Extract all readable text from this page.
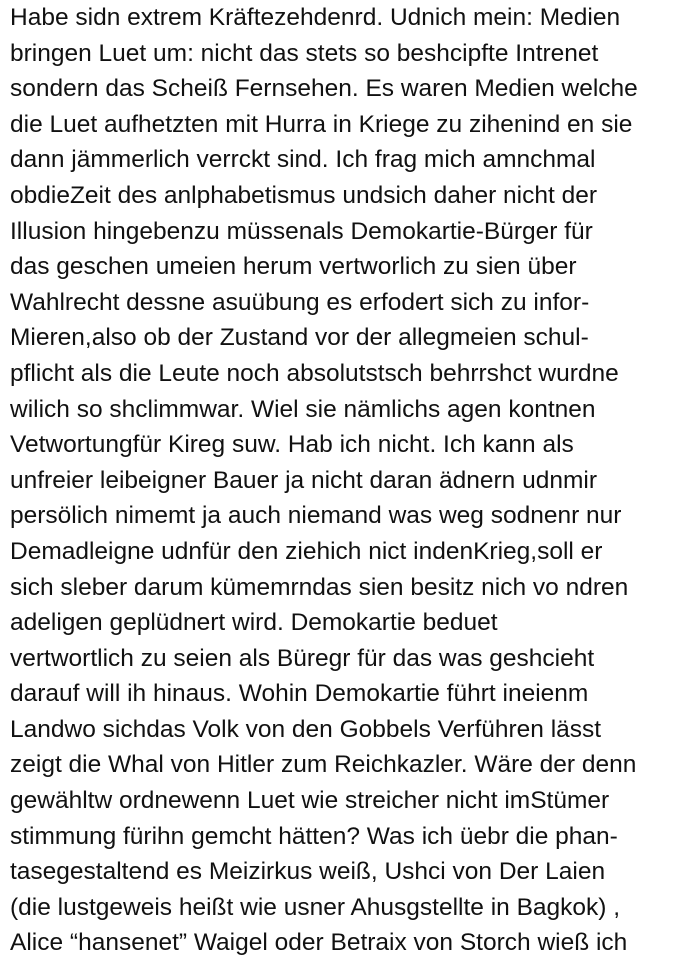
Habe sidn extrem Kräftezehdenrd. Udnich mein: Medien
bringen Luet um: nicht das stets so beshcipfte Intrenet
sondern das Scheiß Fernsehen. Es waren Medien welche
die Luet aufhetzten mit Hurra in Kriege zu zihenind en sie
dann jämmerlich verrckt sind. Ich frag mich amnchmal
obdieZeit des anlphabetismus undsich daher nicht der
Illusion hingebenzu müssenals Demokartie-Bürger für
das geschen umeien herum vertworlich zu sien über
Wahlrecht dessne asuübung es erfodert sich zu infor-
Mieren,also ob der Zustand vor der allegmeien schul-
pflicht als die Leute noch absolutstsch behrrshct wurdne
wilich so shclimmwar. Wiel sie nämlichs agen kontnen
Vetwortungfür Kireg suw. Hab ich nicht. Ich kann als
unfreier leibeigner Bauer ja nicht daran ädnern udnmir
persölich nimemt ja auch niemand was weg sodnenr nur
Demadleigne udnfür den ziehich nict indenKrieg,soll er
sich sleber darum kümemrndas sien besitz nich vo ndren
adeligen geplüdnert wird. Demokartie beduet
vertwortlich zu seien als Büregr für das was geshcieht
darauf will ih hinaus. Wohin Demokartie führt ineienm
Landwo sichdas Volk von den Gobbels Verführen lässt
zeigt die Whal von Hitler zum Reichkazler. Wäre der denn
gewähltw ordnewenn Luet wie streicher nicht imStümer
stimmung fürihn gemcht hätten? Was ich üebr die phan-
tasegestaltend es Meizirkus weiß, Ushci von Der Laien
(die lustgeweis heißt wie usner Ahusgstellte in Bagkok) ,
Alice “hansenet” Waigel oder Betraix von Storch wieß ich
